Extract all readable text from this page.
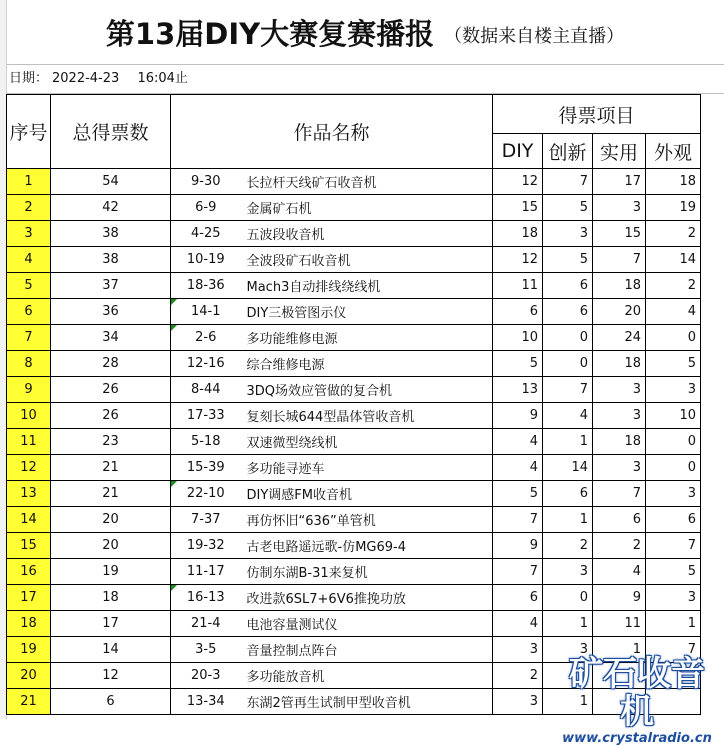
第13届DIY大赛复赛播报 （数据来自楼主直播）
日期： 2022-4-23 16:04止
序号	总得票数	作品名称		得票项目			
				DIY	创新	实用	外观
1	54	9-30	长拉杆天线矿石收音机	12	7	17	18
2	42	6-9	金属矿石机	15	5	3	19
3	38	4-25	五波段收音机	18	3	15	2
4	38	10-19	全波段矿石收音机	12	5	7	14
5	37	18-36	Mach3自动排线绕线机	11	6	18	2
6	36	14-1	DIY三极管图示仪	6	6	20	4
7	34	2-6	多功能维修电源	10	0	24	0
8	28	12-16	综合维修电源	5	0	18	5
9	26	8-44	3DQ场效应管做的复合机	13	7	3	3
10	26	17-33	复刻长城644型晶体管收音机	9	4	3	10
11	23	5-18	双速微型绕线机	4	1	18	0
12	21	15-39	多功能寻迹车	4	14	3	0
13	21	22-10	DIY调感FM收音机	5	6	7	3
14	20	7-37	再仿怀旧“636”单管机	7	1	6	6
15	20	19-32	古老电路遥远歌-仿MG69-4	9	2	2	7
16	19	11-17	仿制东湖B-31来复机	7	3	4	5
17	18	16-13	改进款6SL7+6V6推挽功放	6	0	9	3
18	17	21-4	电池容量测试仪	4	1	11	1
19	14	3-5	音量控制点阵台	3	3	1	7
20	12	20-3	多功能放音机	2			
21	6	13-34	东湖2管再生试制甲型收音机	3	1		
矿石收音机
www.crystalradio.cn
